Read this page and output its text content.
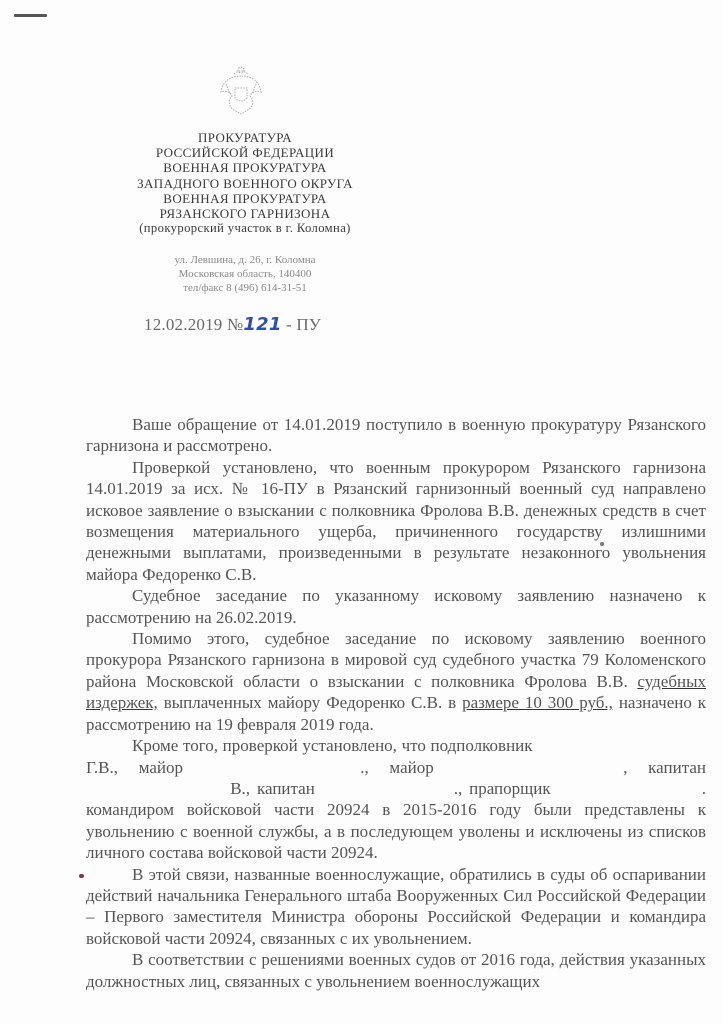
ПРОКУРАТУРА
РОССИЙСКОЙ ФЕДЕРАЦИИ
ВОЕННАЯ ПРОКУРАТУРА
ЗАПАДНОГО ВОЕННОГО ОКРУГА
ВОЕННАЯ ПРОКУРАТУРА
РЯЗАНСКОГО ГАРНИЗОНА
(прокурорский участок в г. Коломна)
ул. Левшина, д. 26, г. Коломна
Московская область, 140400
тел/факс 8 (496) 614-31-51
12.02.2019 №121 - ПУ

Ваше обращение от 14.01.2019 поступило в военную прокуратуру Рязанского гарнизона и рассмотрено.

Проверкой установлено, что военным прокурором Рязанского гарнизона 14.01.2019 за исх. № 16-ПУ в Рязанский гарнизонный военный суд направлено исковое заявление о взыскании с полковника Фролова В.В. денежных средств в счет возмещения материального ущерба, причиненного государству излишними денежными выплатами, произведенными в результате незаконного увольнения майора Федоренко С.В.

Судебное заседание по указанному исковому заявлению назначено к рассмотрению на 26.02.2019.

Помимо этого, судебное заседание по исковому заявлению военного прокурора Рязанского гарнизона в мировой суд судебного участка 79 Коломенского района Московской области о взыскании с полковника Фролова В.В. судебных издержек, выплаченных майору Федоренко С.В. в размере 10 300 руб., назначено к рассмотрению на 19 февраля 2019 года.

Кроме того, проверкой установлено, что подполковник  Г.В., майор	., майор	, капитан В., капитан	., прапорщик	. командиром войсковой части 20924 в 2015-2016 году были представлены к увольнению с военной службы, а в последующем уволены и исключены из списков личного состава войсковой части 20924.

В этой связи, названные военнослужащие, обратились в суды об оспаривании действий начальника Генерального штаба Вооруженных Сил Российской Федерации – Первого заместителя Министра обороны Российской Федерации и командира войсковой части 20924, связанных с их увольнением.

В соответствии с решениями военных судов от 2016 года, действия указанных должностных лиц, связанных с увольнением военнослужащих
